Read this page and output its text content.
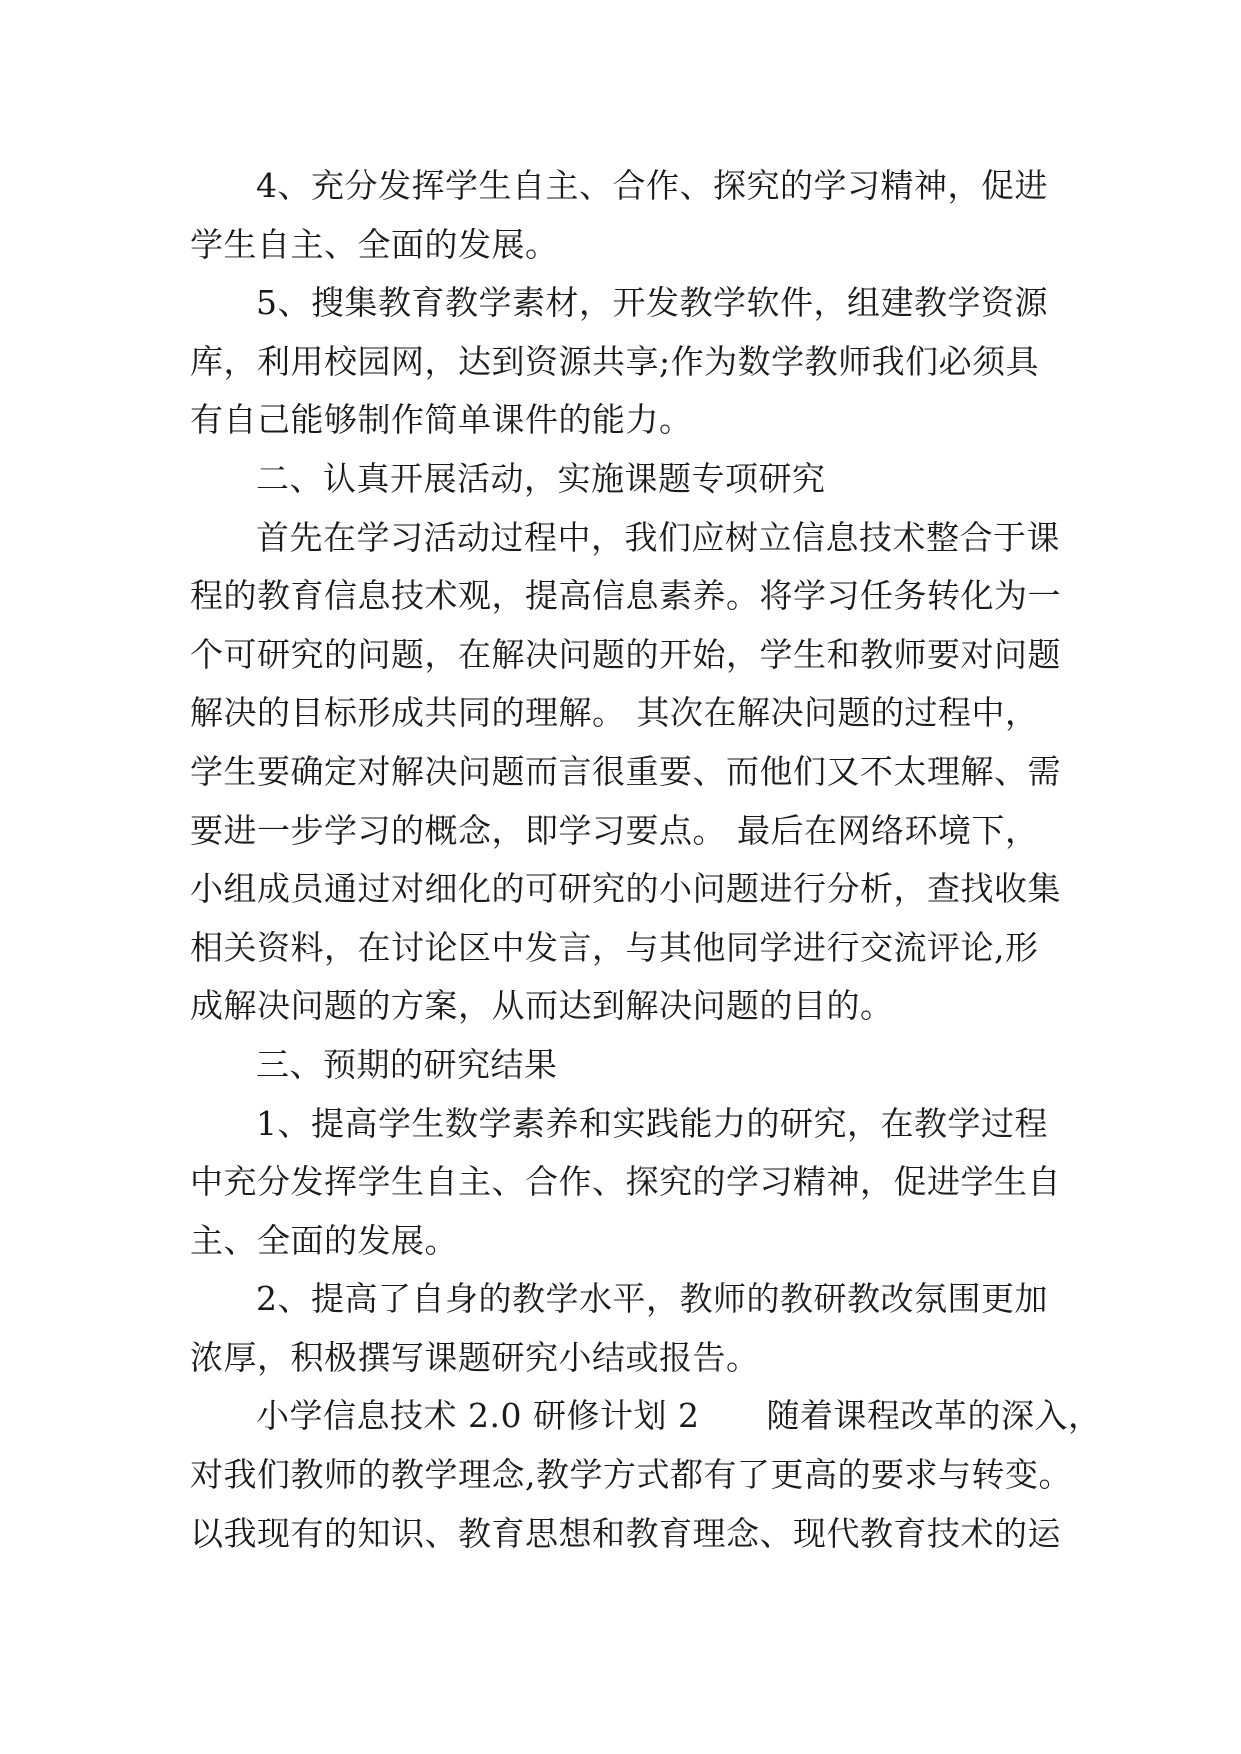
4、充分发挥学生自主、合作、探究的学习精神，促进
学生自主、全面的发展。
5、搜集教育教学素材，开发教学软件，组建教学资源
库，利用校园网，达到资源共享;作为数学教师我们必须具
有自己能够制作简单课件的能力。
二、认真开展活动，实施课题专项研究
首先在学习活动过程中，我们应树立信息技术整合于课
程的教育信息技术观，提高信息素养。将学习任务转化为一
个可研究的问题，在解决问题的开始，学生和教师要对问题
解决的目标形成共同的理解。 其次在解决问题的过程中，
学生要确定对解决问题而言很重要、而他们又不太理解、需
要进一步学习的概念，即学习要点。 最后在网络环境下，
小组成员通过对细化的可研究的小问题进行分析，查找收集
相关资料，在讨论区中发言，与其他同学进行交流评论,形
成解决问题的方案，从而达到解决问题的目的。
三、预期的研究结果
1、提高学生数学素养和实践能力的研究，在教学过程
中充分发挥学生自主、合作、探究的学习精神，促进学生自
主、全面的发展。
2、提高了自身的教学水平，教师的教研教改氛围更加
浓厚，积极撰写课题研究小结或报告。
小学信息技术 2.0 研修计划 2　　随着课程改革的深入，
对我们教师的教学理念,教学方式都有了更高的要求与转变。
以我现有的知识、教育思想和教育理念、现代教育技术的运
